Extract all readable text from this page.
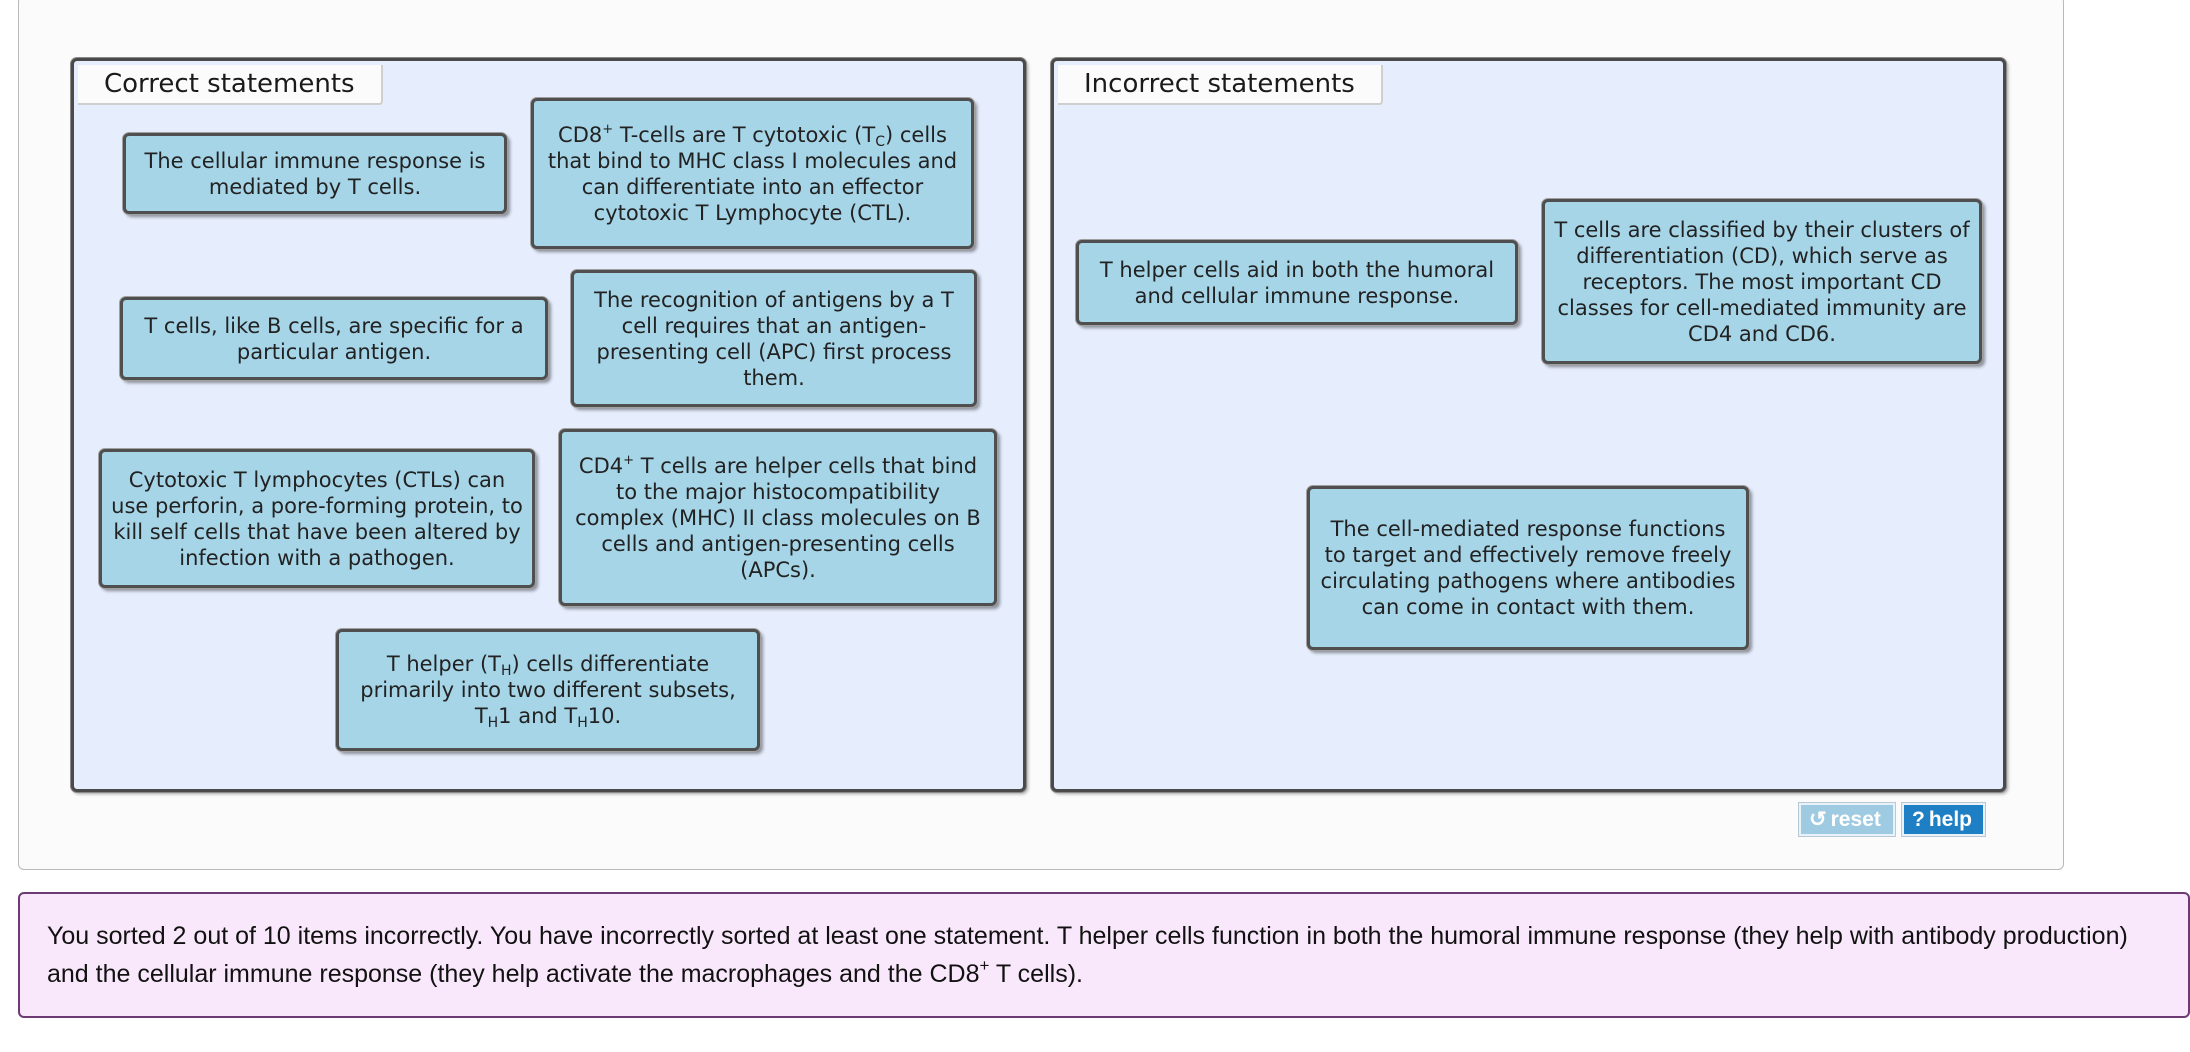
Correct statements	Incorrect statements
The cellular immune response is mediated by T cells.
CD8+ T-cells are T cytotoxic $(T_C)$ cells that bind to MHC class I molecules and can differentiate into an effector cytotoxic T Lymphocyte (CTL).
T cells, like B cells, are specific for a particular antigen.
The recognition of antigens by a T cell requires that an antigen-presenting cell (APC) first process them.
Cytotoxic T lymphocytes (CTLs) can use perforin, a pore-forming protein, to kill self cells that have been altered by infection with a pathogen.
CD4+ T cells are helper cells that bind to the major histocompatibility complex (MHC) II class molecules on B cells and antigen-presenting cells (APCs).
T helper $(T_H)$ cells differentiate primarily into two different subsets, $T_H1$ and $T_H10$.
T helper cells aid in both the humoral and cellular immune response.
T cells are classified by their clusters of differentiation (CD), which serve as receptors. The most important CD classes for cell-mediated immunity are CD4 and CD6.
The cell-mediated response functions to target and effectively remove freely circulating pathogens where antibodies can come in contact with them.
↺ reset	? help
You sorted 2 out of 10 items incorrectly. You have incorrectly sorted at least one statement. T helper cells function in both the humoral immune response (they help with antibody production) and the cellular immune response (they help activate the macrophages and the CD8+ T cells).
